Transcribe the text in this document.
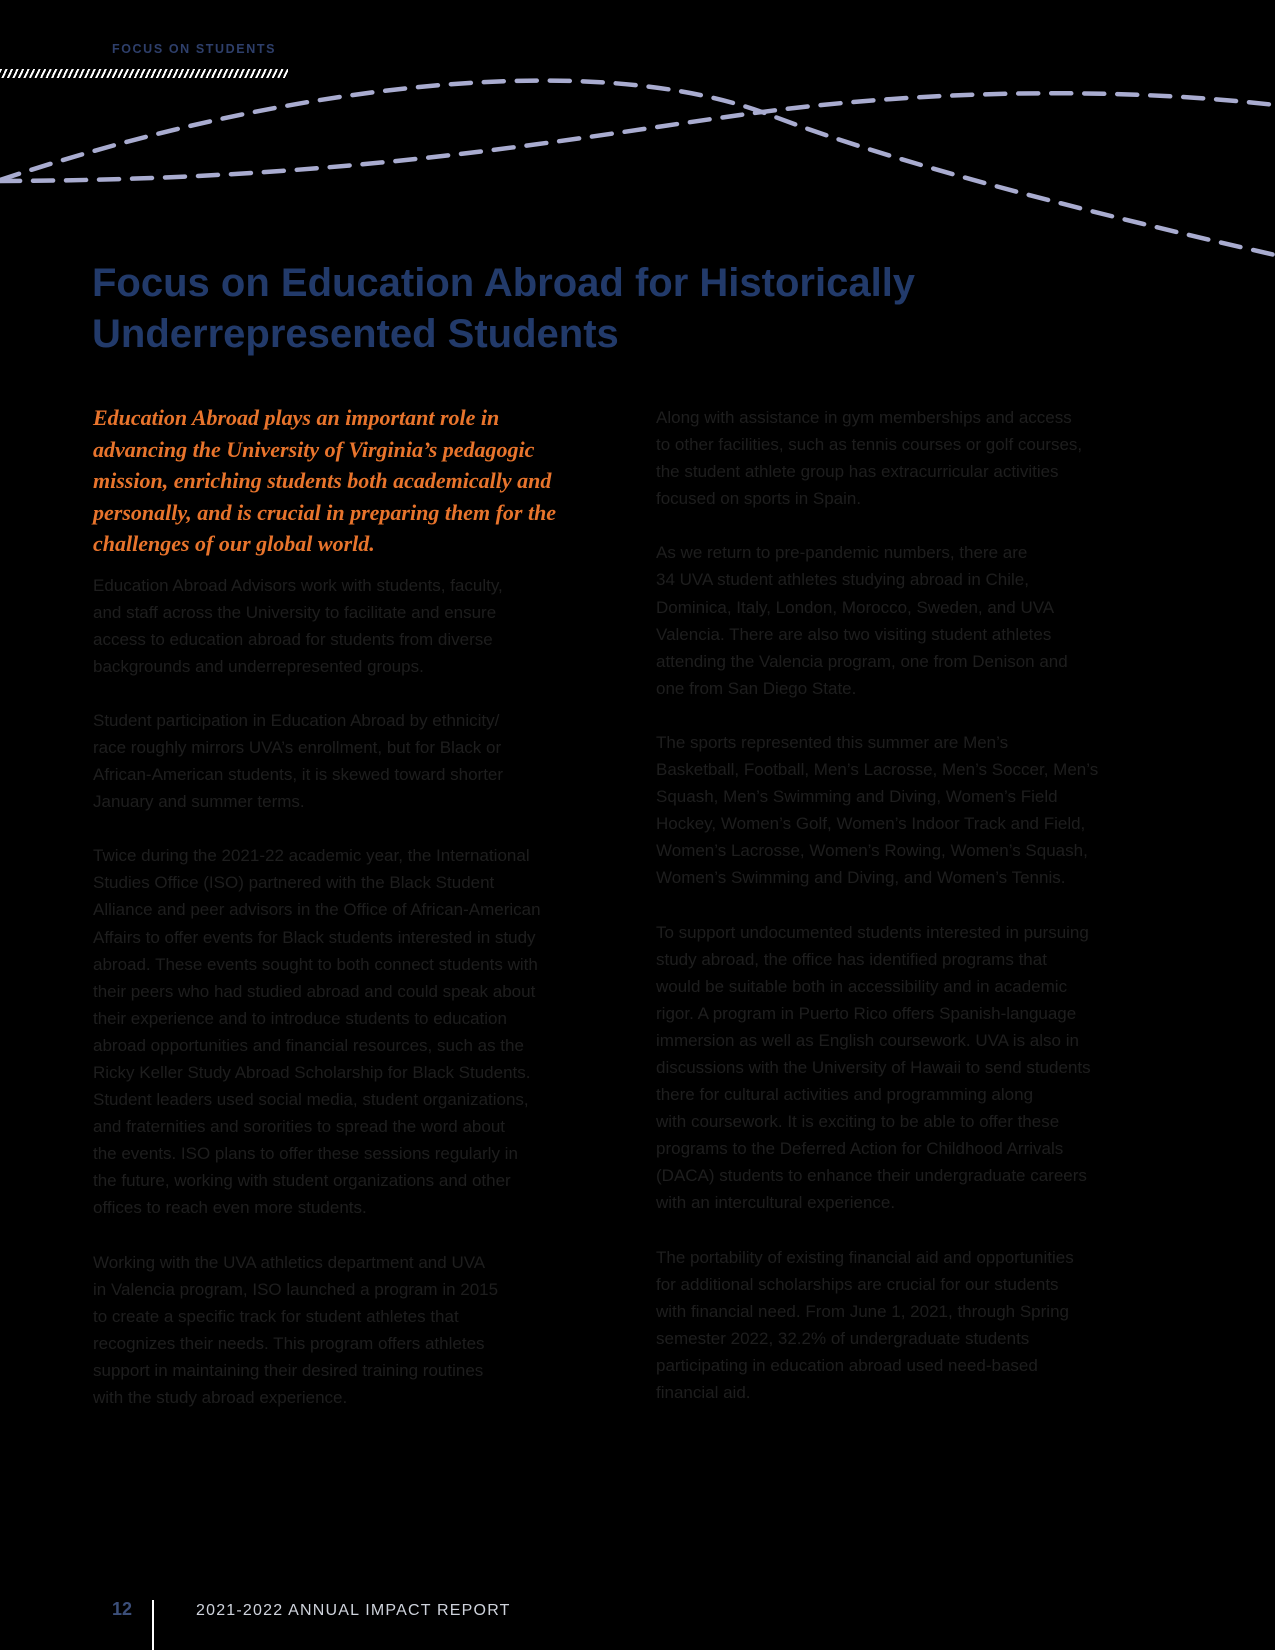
FOCUS ON STUDENTS
Focus on Education Abroad for Historically
Underrepresented Students

Education Abroad plays an important role in advancing the University of Virginia’s pedagogic mission, enriching students both academically and personally, and is crucial in preparing them for the challenges of our global world.

Education Abroad Advisors work with students, faculty,
and staff across the University to facilitate and ensure
access to education abroad for students from diverse
backgrounds and underrepresented groups.

Student participation in Education Abroad by ethnicity/
race roughly mirrors UVA’s enrollment, but for Black or
African-American students, it is skewed toward shorter
January and summer terms.

Twice during the 2021-22 academic year, the International
Studies Office (ISO) partnered with the Black Student
Alliance and peer advisors in the Office of African-American
Affairs to offer events for Black students interested in study
abroad. These events sought to both connect students with
their peers who had studied abroad and could speak about
their experience and to introduce students to education
abroad opportunities and financial resources, such as the
Ricky Keller Study Abroad Scholarship for Black Students.
Student leaders used social media, student organizations,
and fraternities and sororities to spread the word about
the events. ISO plans to offer these sessions regularly in
the future, working with student organizations and other
offices to reach even more students.

Working with the UVA athletics department and UVA
in Valencia program, ISO launched a program in 2015
to create a specific track for student athletes that
recognizes their needs. This program offers athletes
support in maintaining their desired training routines
with the study abroad experience.

Along with assistance in gym memberships and access
to other facilities, such as tennis courses or golf courses,
the student athlete group has extracurricular activities
focused on sports in Spain.

As we return to pre-pandemic numbers, there are
34 UVA student athletes studying abroad in Chile,
Dominica, Italy, London, Morocco, Sweden, and UVA
Valencia. There are also two visiting student athletes
attending the Valencia program, one from Denison and
one from San Diego State.

The sports represented this summer are Men’s
Basketball, Football, Men’s Lacrosse, Men’s Soccer, Men’s
Squash, Men’s Swimming and Diving, Women’s Field
Hockey, Women’s Golf, Women’s Indoor Track and Field,
Women’s Lacrosse, Women’s Rowing, Women’s Squash,
Women’s Swimming and Diving, and Women’s Tennis.

To support undocumented students interested in pursuing
study abroad, the office has identified programs that
would be suitable both in accessibility and in academic
rigor. A program in Puerto Rico offers Spanish-language
immersion as well as English coursework. UVA is also in
discussions with the University of Hawaii to send students
there for cultural activities and programming along
with coursework. It is exciting to be able to offer these
programs to the Deferred Action for Childhood Arrivals
(DACA) students to enhance their undergraduate careers
with an intercultural experience.

The portability of existing financial aid and opportunities
for additional scholarships are crucial for our students
with financial need. From June 1, 2021, through Spring
semester 2022, 32.2% of undergraduate students
participating in education abroad used need-based
financial aid.

12	2021-2022 ANNUAL IMPACT REPORT
